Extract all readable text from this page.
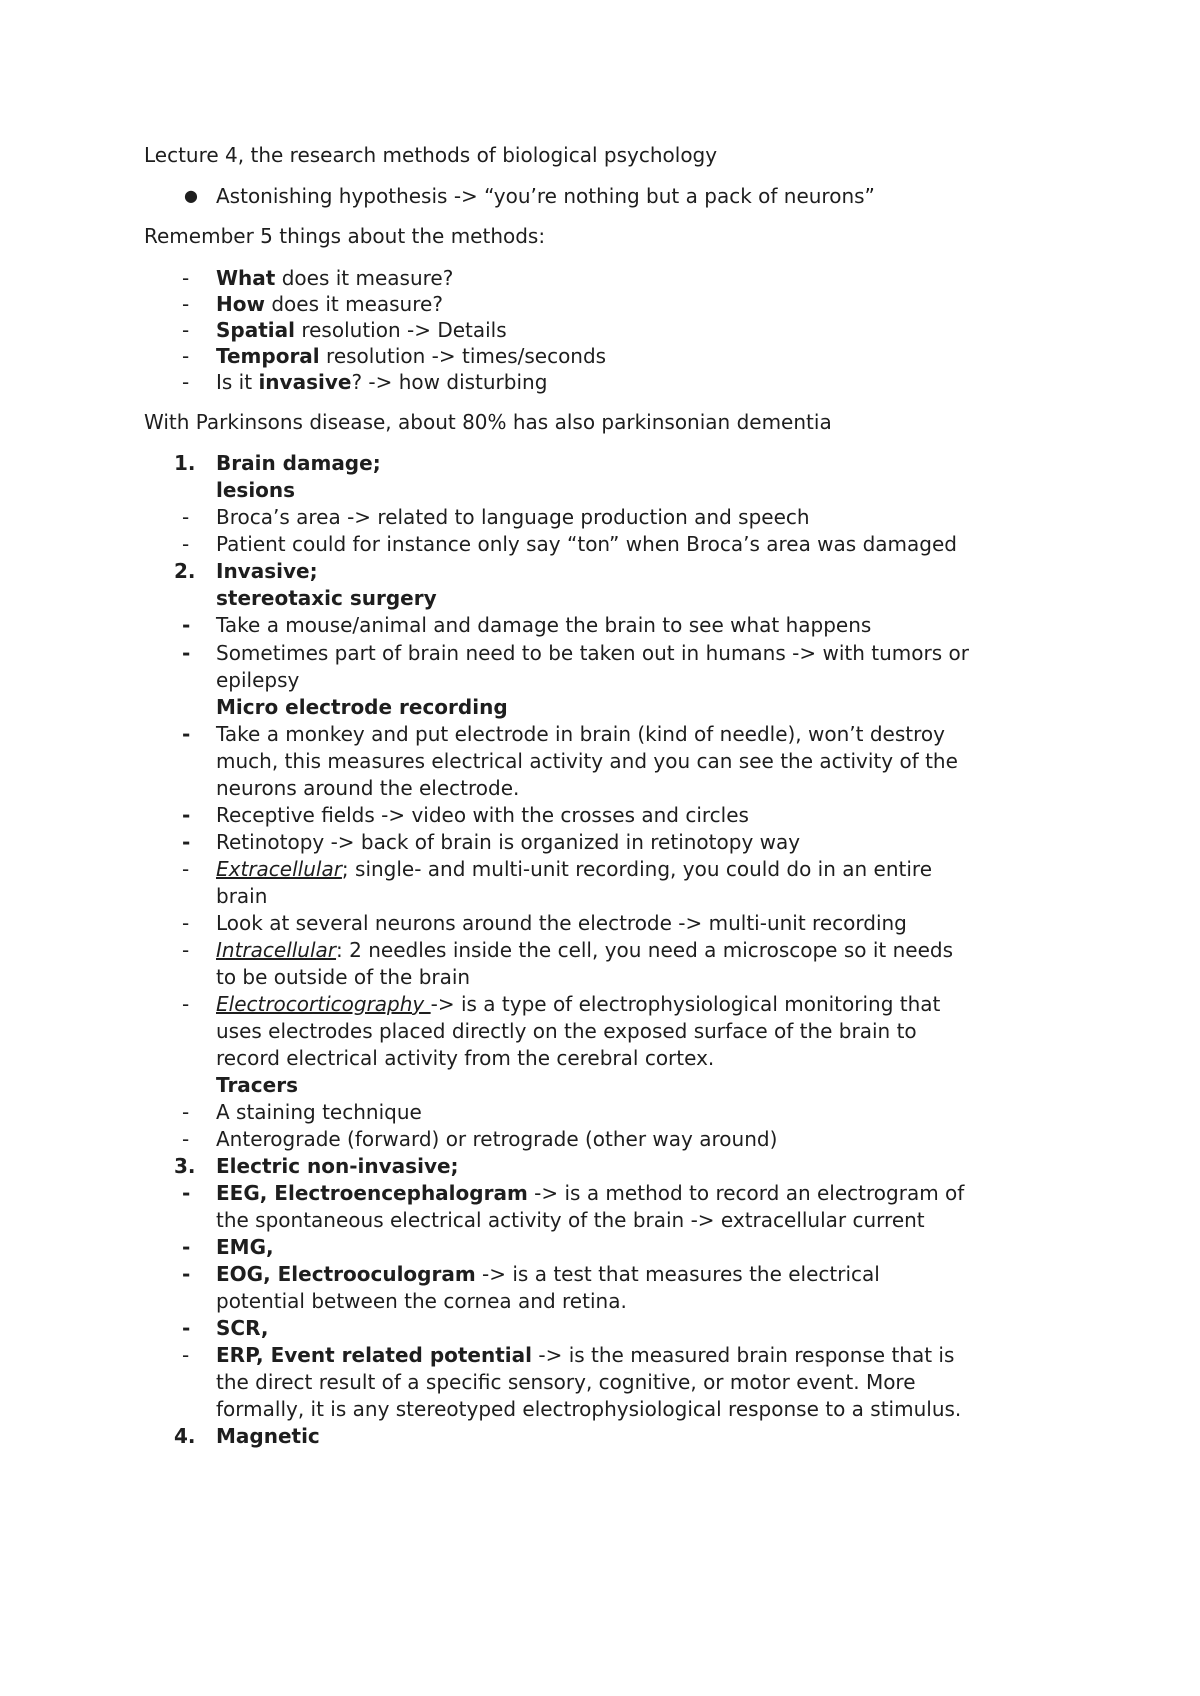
Lecture 4, the research methods of biological psychology
● Astonishing hypothesis -> “you’re nothing but a pack of neurons”
Remember 5 things about the methods:
- What does it measure?
- How does it measure?
- Spatial resolution -> Details
- Temporal resolution -> times/seconds
- Is it invasive? -> how disturbing
With Parkinsons disease, about 80% has also parkinsonian dementia
1. Brain damage;
lesions
- Broca’s area -> related to language production and speech
- Patient could for instance only say “ton” when Broca’s area was damaged
2. Invasive;
stereotaxic surgery
- Take a mouse/animal and damage the brain to see what happens
- Sometimes part of brain need to be taken out in humans -> with tumors or
epilepsy
Micro electrode recording
- Take a monkey and put electrode in brain (kind of needle), won’t destroy
much, this measures electrical activity and you can see the activity of the
neurons around the electrode.
- Receptive fields -> video with the crosses and circles
- Retinotopy -> back of brain is organized in retinotopy way
- Extracellular; single- and multi-unit recording, you could do in an entire
brain
- Look at several neurons around the electrode -> multi-unit recording
- Intracellular: 2 needles inside the cell, you need a microscope so it needs
to be outside of the brain
- Electrocorticography -> is a type of electrophysiological monitoring that
uses electrodes placed directly on the exposed surface of the brain to
record electrical activity from the cerebral cortex.
Tracers
- A staining technique
- Anterograde (forward) or retrograde (other way around)
3. Electric non-invasive;
- EEG, Electroencephalogram -> is a method to record an electrogram of
the spontaneous electrical activity of the brain -> extracellular current
- EMG,
- EOG, Electrooculogram -> is a test that measures the electrical
potential between the cornea and retina.
- SCR,
- ERP, Event related potential -> is the measured brain response that is
the direct result of a specific sensory, cognitive, or motor event. More
formally, it is any stereotyped electrophysiological response to a stimulus.
4. Magnetic
